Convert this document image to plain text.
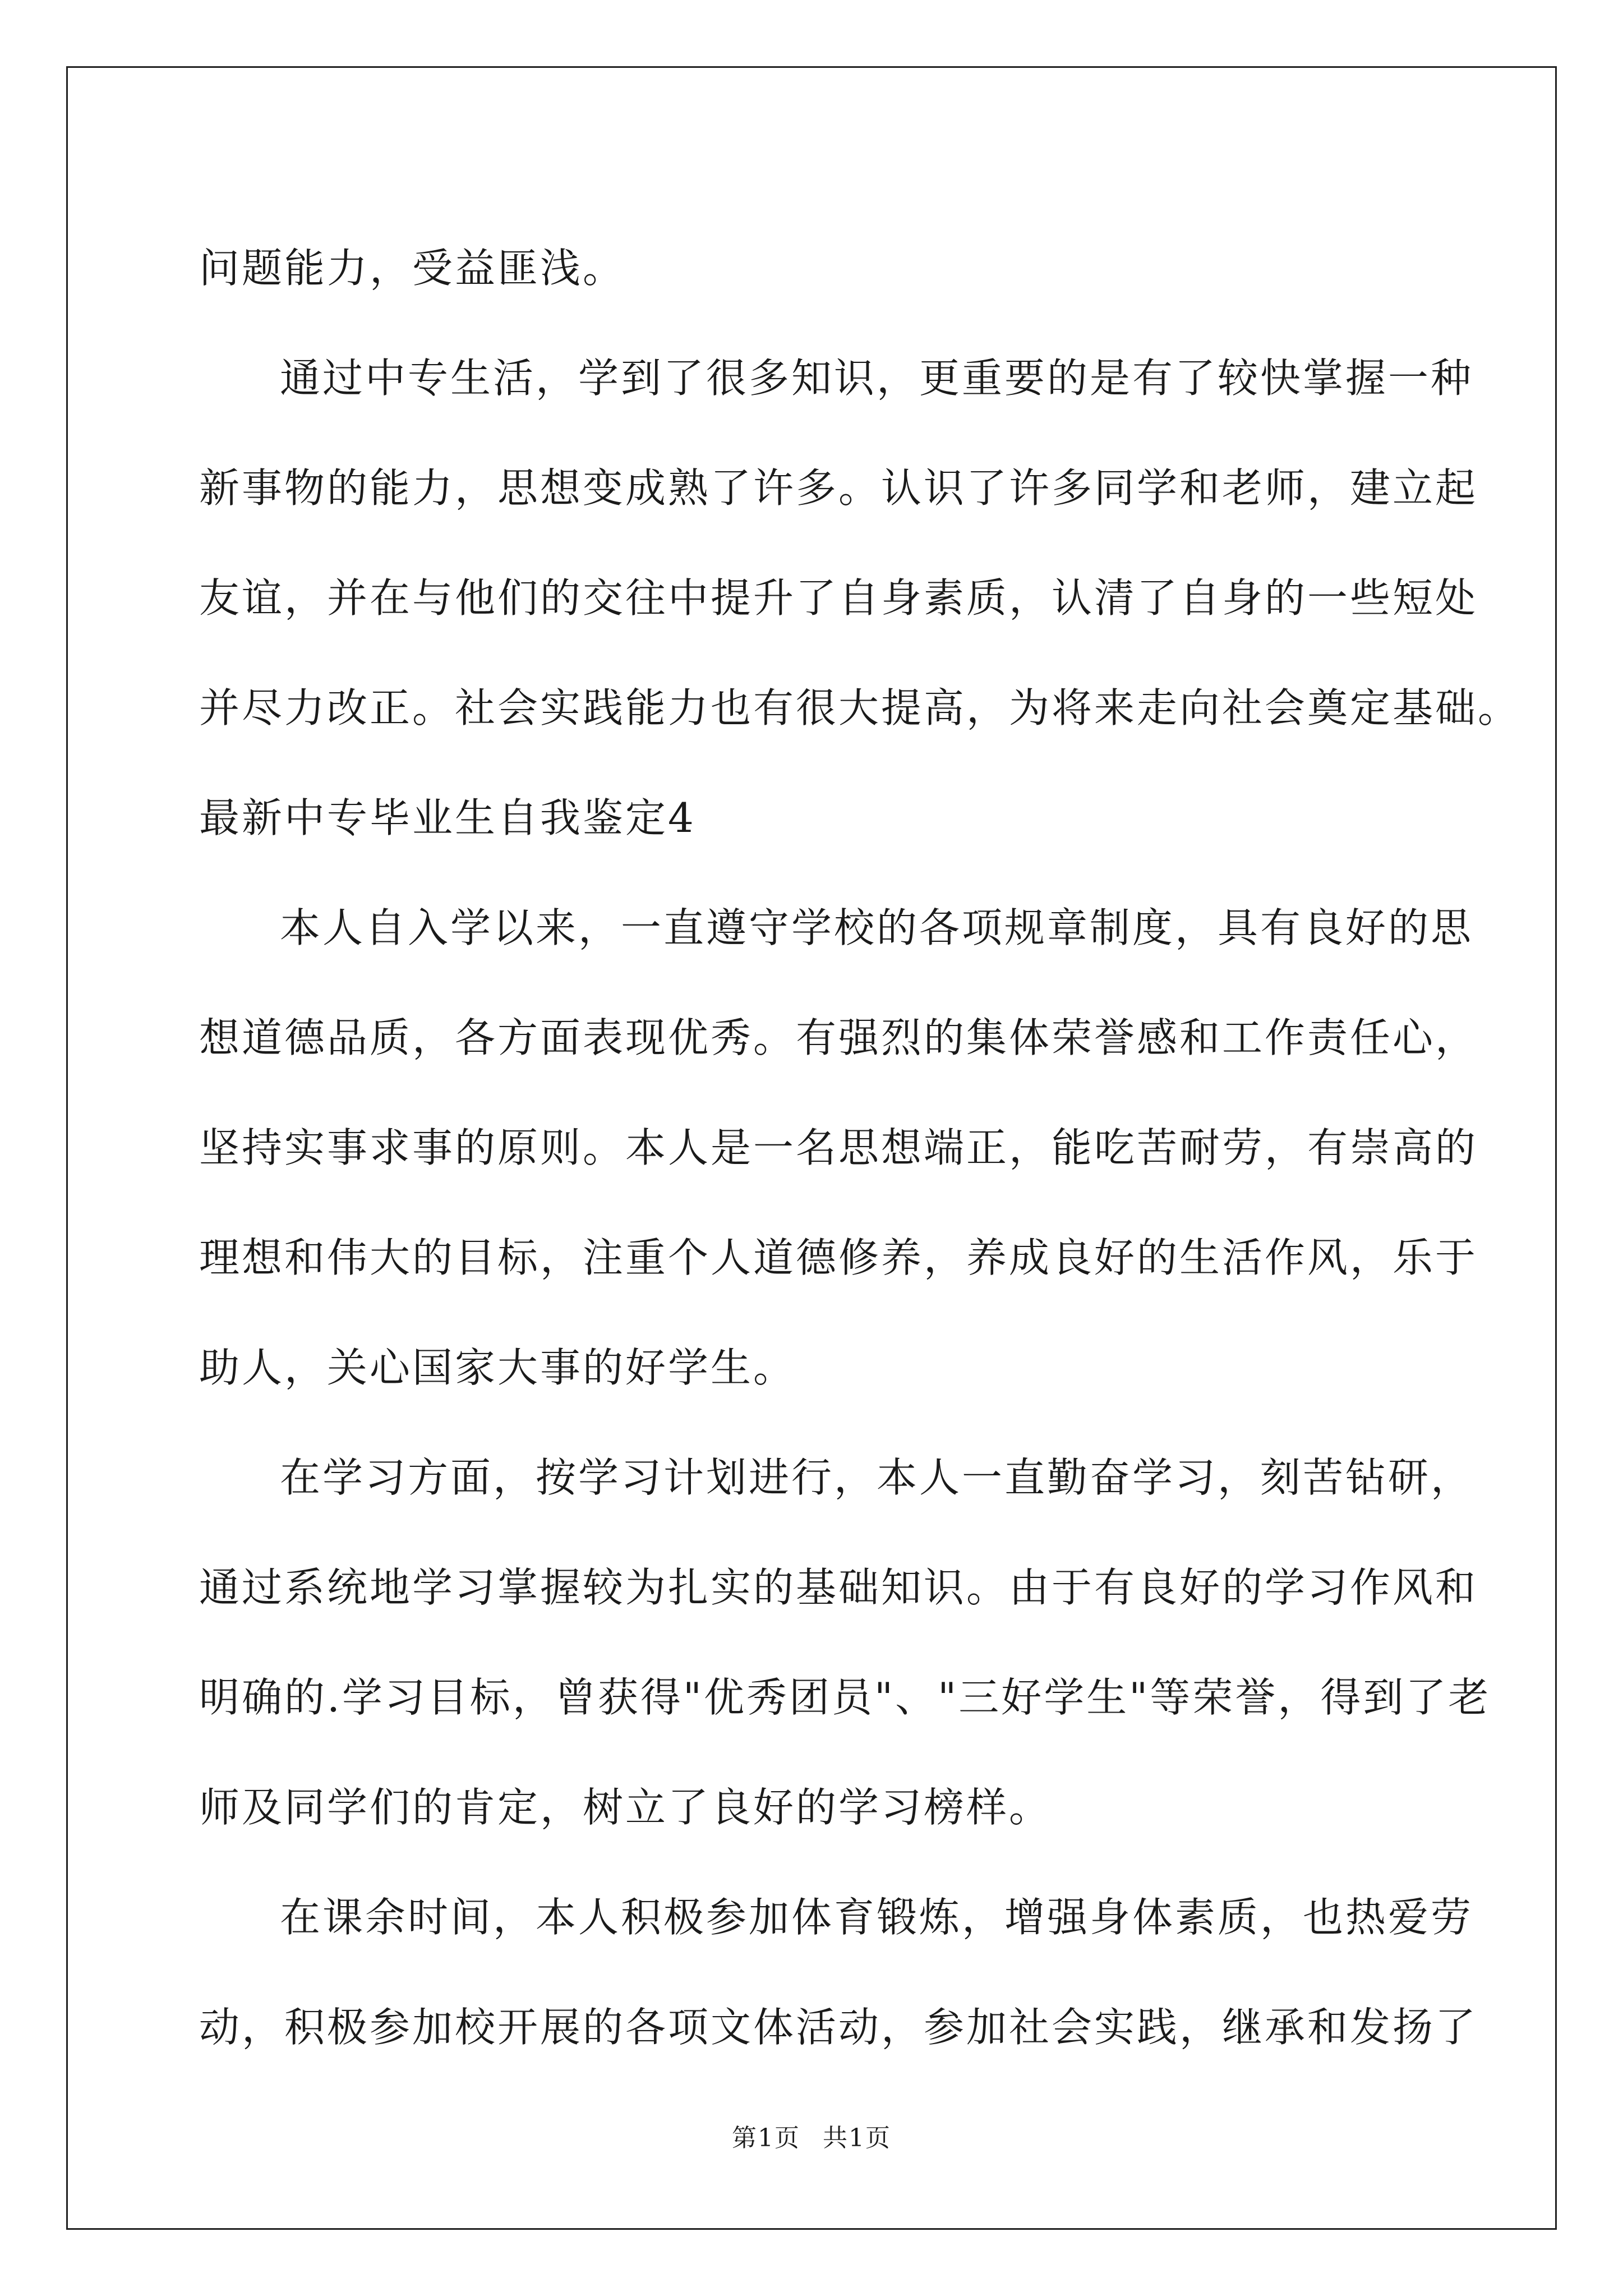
问题能力，受益匪浅。
通过中专生活，学到了很多知识，更重要的是有了较快掌握一种
新事物的能力，思想变成熟了许多。认识了许多同学和老师，建立起
友谊，并在与他们的交往中提升了自身素质，认清了自身的一些短处
并尽力改正。社会实践能力也有很大提高，为将来走向社会奠定基础。
最新中专毕业生自我鉴定4
本人自入学以来，一直遵守学校的各项规章制度，具有良好的思
想道德品质，各方面表现优秀。有强烈的集体荣誉感和工作责任心，
坚持实事求事的原则。本人是一名思想端正，能吃苦耐劳，有崇高的
理想和伟大的目标，注重个人道德修养，养成良好的生活作风，乐于
助人，关心国家大事的好学生。
在学习方面，按学习计划进行，本人一直勤奋学习，刻苦钻研，
通过系统地学习掌握较为扎实的基础知识。由于有良好的学习作风和
明确的.学习目标，曾获得"优秀团员"、"三好学生"等荣誉，得到了老
师及同学们的肯定，树立了良好的学习榜样。
在课余时间，本人积极参加体育锻炼，增强身体素质，也热爱劳
动，积极参加校开展的各项文体活动，参加社会实践，继承和发扬了
第1页 共1页
